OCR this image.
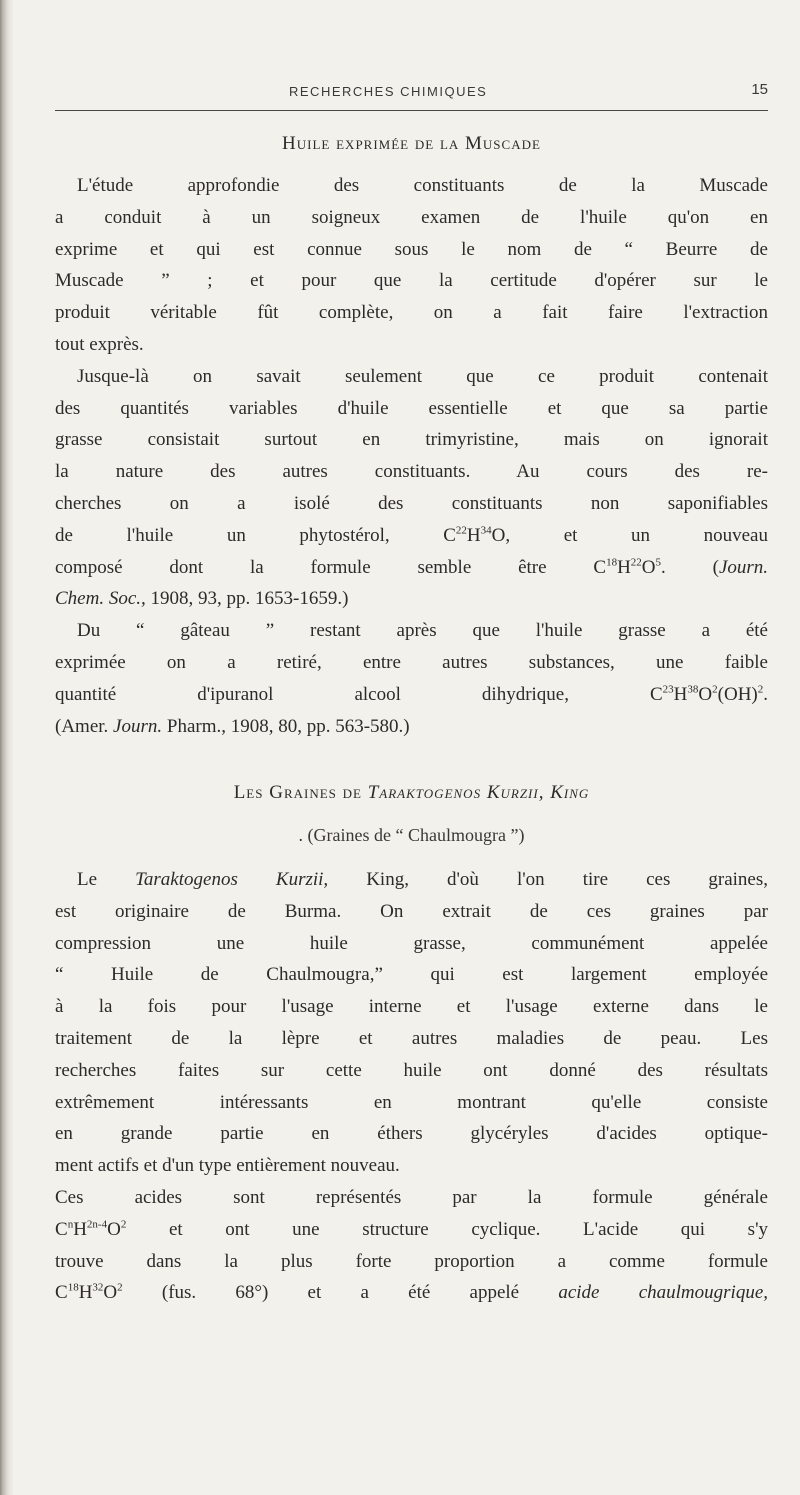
RECHERCHES CHIMIQUES	15
Huile exprimée de la Muscade
L'étude approfondie des constituants de la Muscade
a conduit à un soigneux examen de l'huile qu'on en
exprime et qui est connue sous le nom de “ Beurre de
Muscade ” ; et pour que la certitude d'opérer sur le
produit véritable fût complète, on a fait faire l'extraction
tout exprès.
Jusque-là on savait seulement que ce produit contenait
des quantités variables d'huile essentielle et que sa partie
grasse consistait surtout en trimyristine, mais on ignorait
la nature des autres constituants. Au cours des re-
cherches on a isolé des constituants non saponifiables
de l'huile un phytostérol, $C^{22}H^{34}O$, et un nouveau
composé dont la formule semble être $C^{18}H^{22}O^5$. (Journ.
Chem. Soc., 1908, 93, pp. 1653-1659.)
Du “ gâteau ” restant après que l'huile grasse a été
exprimée on a retiré, entre autres substances, une faible
quantité d'ipuranol alcool dihydrique, $C^{23}H^{38}O^2(OH)^2$.
(Amer. Journ. Pharm., 1908, 80, pp. 563-580.)
Les Graines de Taraktogenos Kurzii, King
. (Graines de “ Chaulmougra ”)
Le Taraktogenos Kurzii, King, d'où l'on tire ces graines,
est originaire de Burma. On extrait de ces graines par
compression une huile grasse, communément appelée
“ Huile de Chaulmougra,” qui est largement employée
à la fois pour l'usage interne et l'usage externe dans le
traitement de la lèpre et autres maladies de peau. Les
recherches faites sur cette huile ont donné des résultats
extrêmement intéressants en montrant qu'elle consiste
en grande partie en éthers glycéryles d'acides optique-
ment actifs et d'un type entièrement nouveau.
Ces acides sont représentés par la formule générale
$C^nH^{2n-4}O^2$ et ont une structure cyclique. L'acide qui s'y
trouve dans la plus forte proportion a comme formule
$C^{18}H^{32}O^2$ (fus. 68°) et a été appelé acide chaulmougrique,
